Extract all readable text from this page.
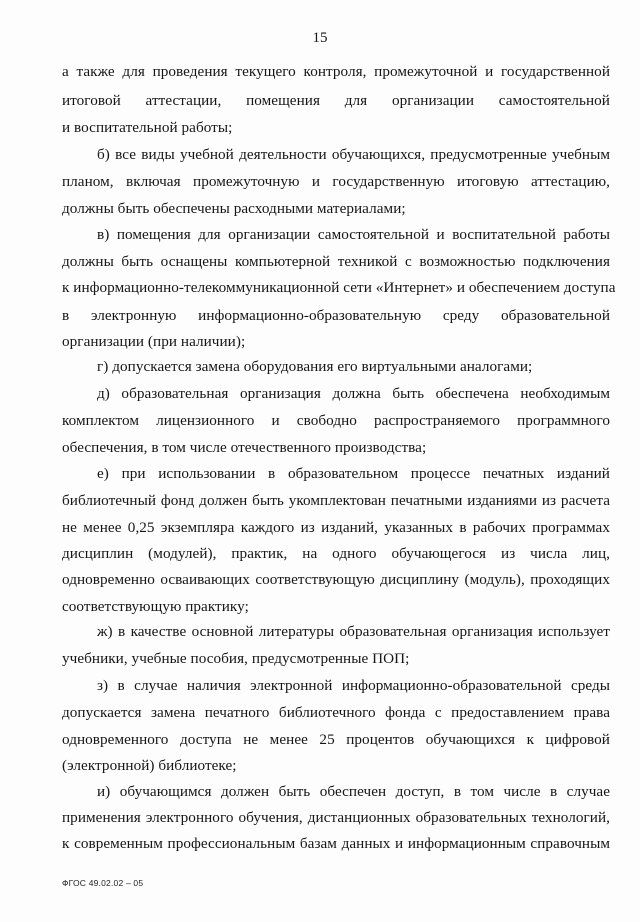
15
а также для проведения текущего контроля, промежуточной и государственной
итоговой аттестации, помещения для организации самостоятельной
и воспитательной работы;
б) все виды учебной деятельности обучающихся, предусмотренные учебным
планом, включая промежуточную и государственную итоговую аттестацию,
должны быть обеспечены расходными материалами;
в) помещения для организации самостоятельной и воспитательной работы
должны быть оснащены компьютерной техникой с возможностью подключения
к информационно-телекоммуникационной сети «Интернет» и обеспечением доступа
в электронную информационно-образовательную среду образовательной
организации (при наличии);
г) допускается замена оборудования его виртуальными аналогами;
д) образовательная организация должна быть обеспечена необходимым
комплектом лицензионного и свободно распространяемого программного
обеспечения, в том числе отечественного производства;
е) при использовании в образовательном процессе печатных изданий
библиотечный фонд должен быть укомплектован печатными изданиями из расчета
не менее 0,25 экземпляра каждого из изданий, указанных в рабочих программах
дисциплин (модулей), практик, на одного обучающегося из числа лиц,
одновременно осваивающих соответствующую дисциплину (модуль), проходящих
соответствующую практику;
ж) в качестве основной литературы образовательная организация использует
учебники, учебные пособия, предусмотренные ПОП;
з) в случае наличия электронной информационно-образовательной среды
допускается замена печатного библиотечного фонда с предоставлением права
одновременного доступа не менее 25 процентов обучающихся к цифровой
(электронной) библиотеке;
и) обучающимся должен быть обеспечен доступ, в том числе в случае
применения электронного обучения, дистанционных образовательных технологий,
к современным профессиональным базам данных и информационным справочным
ФГОС 49.02.02 – 05
